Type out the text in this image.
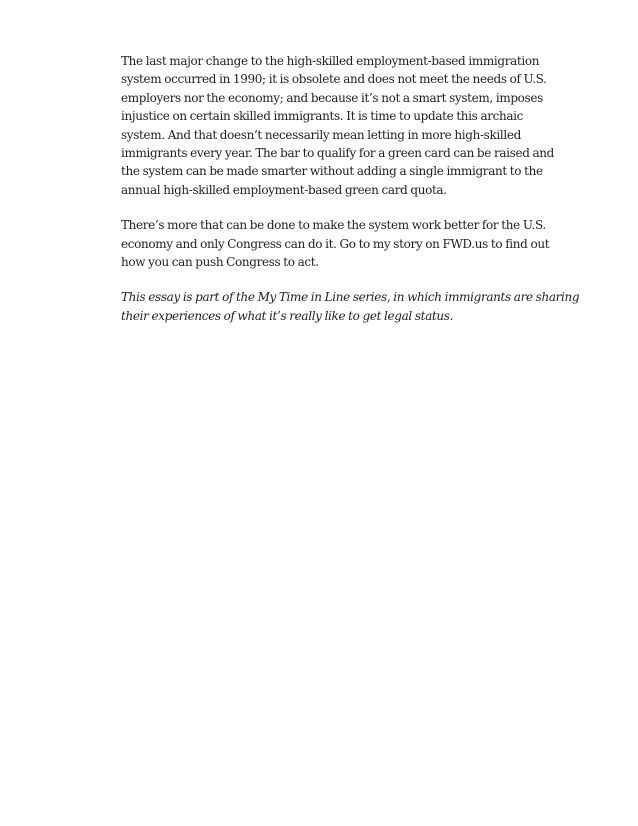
The last major change to the high-skilled employment-based immigration
system occurred in 1990; it is obsolete and does not meet the needs of U.S.
employers nor the economy; and because it’s not a smart system, imposes
injustice on certain skilled immigrants. It is time to update this archaic
system. And that doesn’t necessarily mean letting in more high-skilled
immigrants every year. The bar to qualify for a green card can be raised and
the system can be made smarter without adding a single immigrant to the
annual high-skilled employment-based green card quota.

There’s more that can be done to make the system work better for the U.S.
economy and only Congress can do it. Go to my story on FWD.us to find out
how you can push Congress to act.

This essay is part of the My Time in Line series, in which immigrants are sharing
their experiences of what it’s really like to get legal status.
